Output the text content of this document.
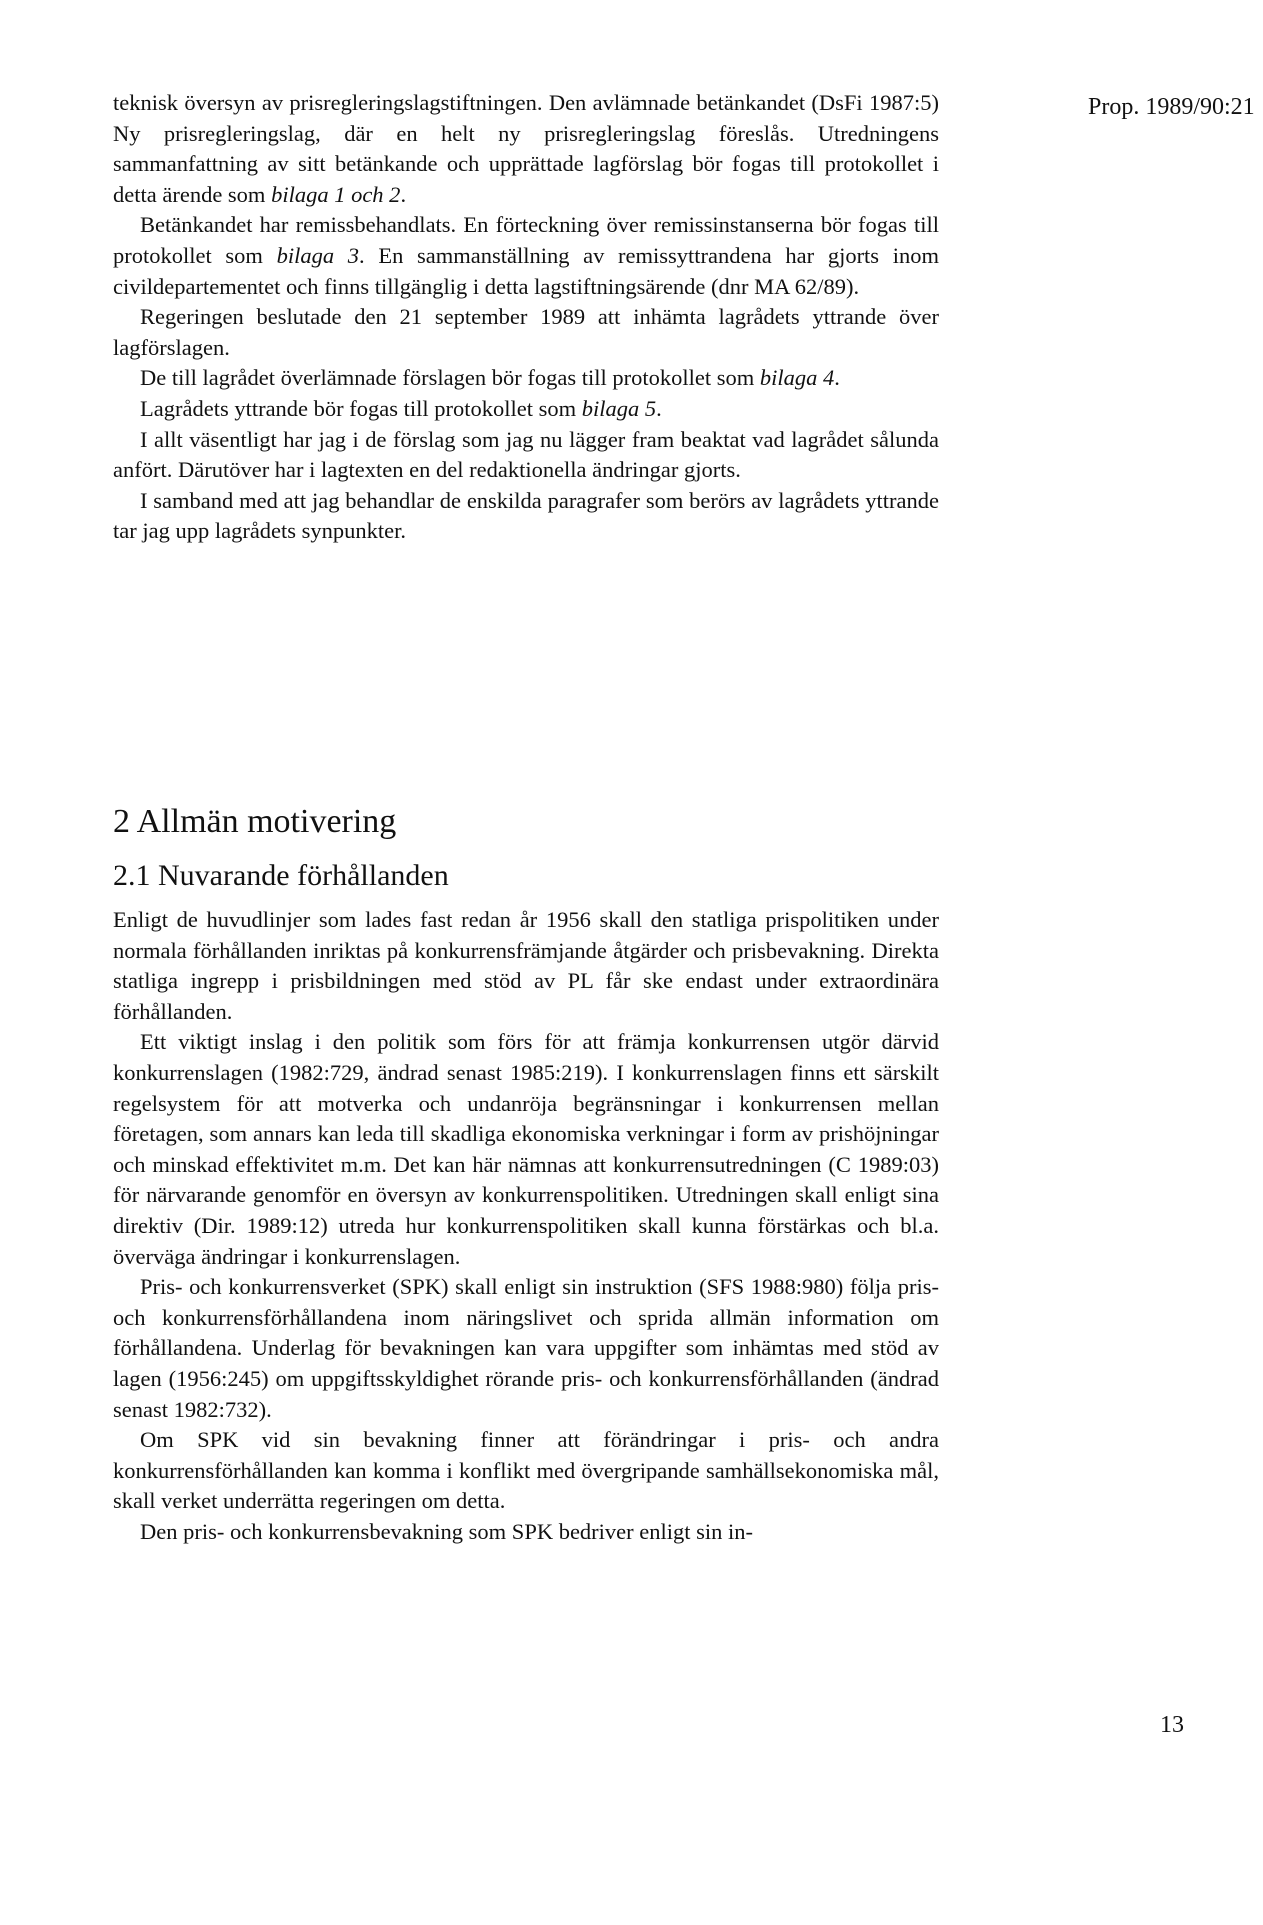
Prop. 1989/90:21

teknisk översyn av prisregleringslagstiftningen. Den avlämnade betänkandet (DsFi 1987:5) Ny prisregleringslag, där en helt ny prisregleringslag föreslås. Utredningens sammanfattning av sitt betänkande och upprättade lagförslag bör fogas till protokollet i detta ärende som bilaga 1 och 2.

Betänkandet har remissbehandlats. En förteckning över remissinstanserna bör fogas till protokollet som bilaga 3. En sammanställning av remissyttrandena har gjorts inom civildepartementet och finns tillgänglig i detta lagstiftningsärende (dnr MA 62/89).

Regeringen beslutade den 21 september 1989 att inhämta lagrådets yttrande över lagförslagen.

De till lagrådet överlämnade förslagen bör fogas till protokollet som bilaga 4.

Lagrådets yttrande bör fogas till protokollet som bilaga 5.

I allt väsentligt har jag i de förslag som jag nu lägger fram beaktat vad lagrådet sålunda anfört. Därutöver har i lagtexten en del redaktionella ändringar gjorts.

I samband med att jag behandlar de enskilda paragrafer som berörs av lagrådets yttrande tar jag upp lagrådets synpunkter.

2 Allmän motivering
2.1 Nuvarande förhållanden

Enligt de huvudlinjer som lades fast redan år 1956 skall den statliga prispolitiken under normala förhållanden inriktas på konkurrensfrämjande åtgärder och prisbevakning. Direkta statliga ingrepp i prisbildningen med stöd av PL får ske endast under extraordinära förhållanden.

Ett viktigt inslag i den politik som förs för att främja konkurrensen utgör därvid konkurrenslagen (1982:729, ändrad senast 1985:219). I konkurrenslagen finns ett särskilt regelsystem för att motverka och undanröja begränsningar i konkurrensen mellan företagen, som annars kan leda till skadliga ekonomiska verkningar i form av prishöjningar och minskad effektivitet m.m. Det kan här nämnas att konkurrensutredningen (C 1989:03) för närvarande genomför en översyn av konkurrenspolitiken. Utredningen skall enligt sina direktiv (Dir. 1989:12) utreda hur konkurrenspolitiken skall kunna förstärkas och bl.a. överväga ändringar i konkurrenslagen.

Pris- och konkurrensverket (SPK) skall enligt sin instruktion (SFS 1988:980) följa pris- och konkurrensförhållandena inom näringslivet och sprida allmän information om förhållandena. Underlag för bevakningen kan vara uppgifter som inhämtas med stöd av lagen (1956:245) om uppgiftsskyldighet rörande pris- och konkurrensförhållanden (ändrad senast 1982:732).

Om SPK vid sin bevakning finner att förändringar i pris- och andra konkurrensförhållanden kan komma i konflikt med övergripande samhällsekonomiska mål, skall verket underrätta regeringen om detta.

Den pris- och konkurrensbevakning som SPK bedriver enligt sin in-

13
